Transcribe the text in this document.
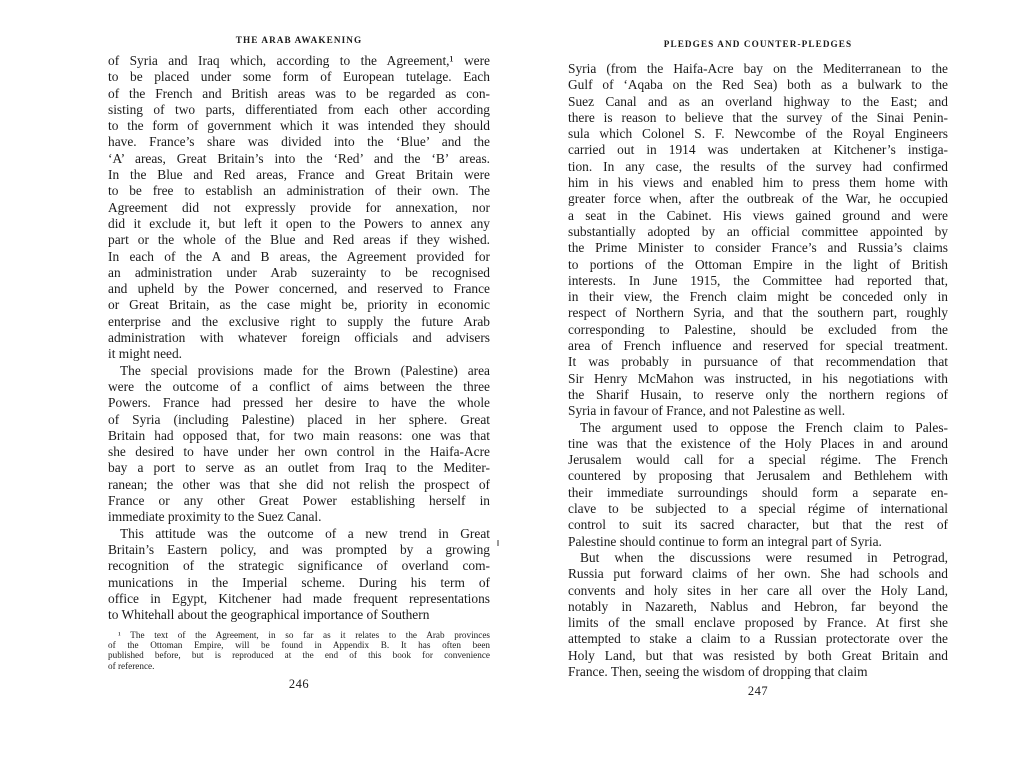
THE ARAB AWAKENING
of Syria and Iraq which, according to the Agreement,¹ were
to be placed under some form of European tutelage. Each
of the French and British areas was to be regarded as con-
sisting of two parts, differentiated from each other according
to the form of government which it was intended they should
have. France’s share was divided into the ‘Blue’ and the
‘A’ areas, Great Britain’s into the ‘Red’ and the ‘B’ areas.
In the Blue and Red areas, France and Great Britain were
to be free to establish an administration of their own. The
Agreement did not expressly provide for annexation, nor
did it exclude it, but left it open to the Powers to annex any
part or the whole of the Blue and Red areas if they wished.
In each of the A and B areas, the Agreement provided for
an administration under Arab suzerainty to be recognised
and upheld by the Power concerned, and reserved to France
or Great Britain, as the case might be, priority in economic
enterprise and the exclusive right to supply the future Arab
administration with whatever foreign officials and advisers
it might need.
The special provisions made for the Brown (Palestine) area
were the outcome of a conflict of aims between the three
Powers. France had pressed her desire to have the whole
of Syria (including Palestine) placed in her sphere. Great
Britain had opposed that, for two main reasons: one was that
she desired to have under her own control in the Haifa-Acre
bay a port to serve as an outlet from Iraq to the Mediter-
ranean; the other was that she did not relish the prospect of
France or any other Great Power establishing herself in
immediate proximity to the Suez Canal.
This attitude was the outcome of a new trend in Great
Britain’s Eastern policy, and was prompted by a growing
recognition of the strategic significance of overland com-
munications in the Imperial scheme. During his term of
office in Egypt, Kitchener had made frequent representations
to Whitehall about the geographical importance of Southern
¹ The text of the Agreement, in so far as it relates to the Arab provinces
of the Ottoman Empire, will be found in Appendix B. It has often been
published before, but is reproduced at the end of this book for convenience
of reference.
246
PLEDGES AND COUNTER-PLEDGES
Syria (from the Haifa-Acre bay on the Mediterranean to the
Gulf of ‘Aqaba on the Red Sea) both as a bulwark to the
Suez Canal and as an overland highway to the East; and
there is reason to believe that the survey of the Sinai Penin-
sula which Colonel S. F. Newcombe of the Royal Engineers
carried out in 1914 was undertaken at Kitchener’s instiga-
tion. In any case, the results of the survey had confirmed
him in his views and enabled him to press them home with
greater force when, after the outbreak of the War, he occupied
a seat in the Cabinet. His views gained ground and were
substantially adopted by an official committee appointed by
the Prime Minister to consider France’s and Russia’s claims
to portions of the Ottoman Empire in the light of British
interests. In June 1915, the Committee had reported that,
in their view, the French claim might be conceded only in
respect of Northern Syria, and that the southern part, roughly
corresponding to Palestine, should be excluded from the
area of French influence and reserved for special treatment.
It was probably in pursuance of that recommendation that
Sir Henry McMahon was instructed, in his negotiations with
the Sharif Husain, to reserve only the northern regions of
Syria in favour of France, and not Palestine as well.
The argument used to oppose the French claim to Pales-
tine was that the existence of the Holy Places in and around
Jerusalem would call for a special régime. The French
countered by proposing that Jerusalem and Bethlehem with
their immediate surroundings should form a separate en-
clave to be subjected to a special régime of international
control to suit its sacred character, but that the rest of
Palestine should continue to form an integral part of Syria.
But when the discussions were resumed in Petrograd,
Russia put forward claims of her own. She had schools and
convents and holy sites in her care all over the Holy Land,
notably in Nazareth, Nablus and Hebron, far beyond the
limits of the small enclave proposed by France. At first she
attempted to stake a claim to a Russian protectorate over the
Holy Land, but that was resisted by both Great Britain and
France. Then, seeing the wisdom of dropping that claim
247
